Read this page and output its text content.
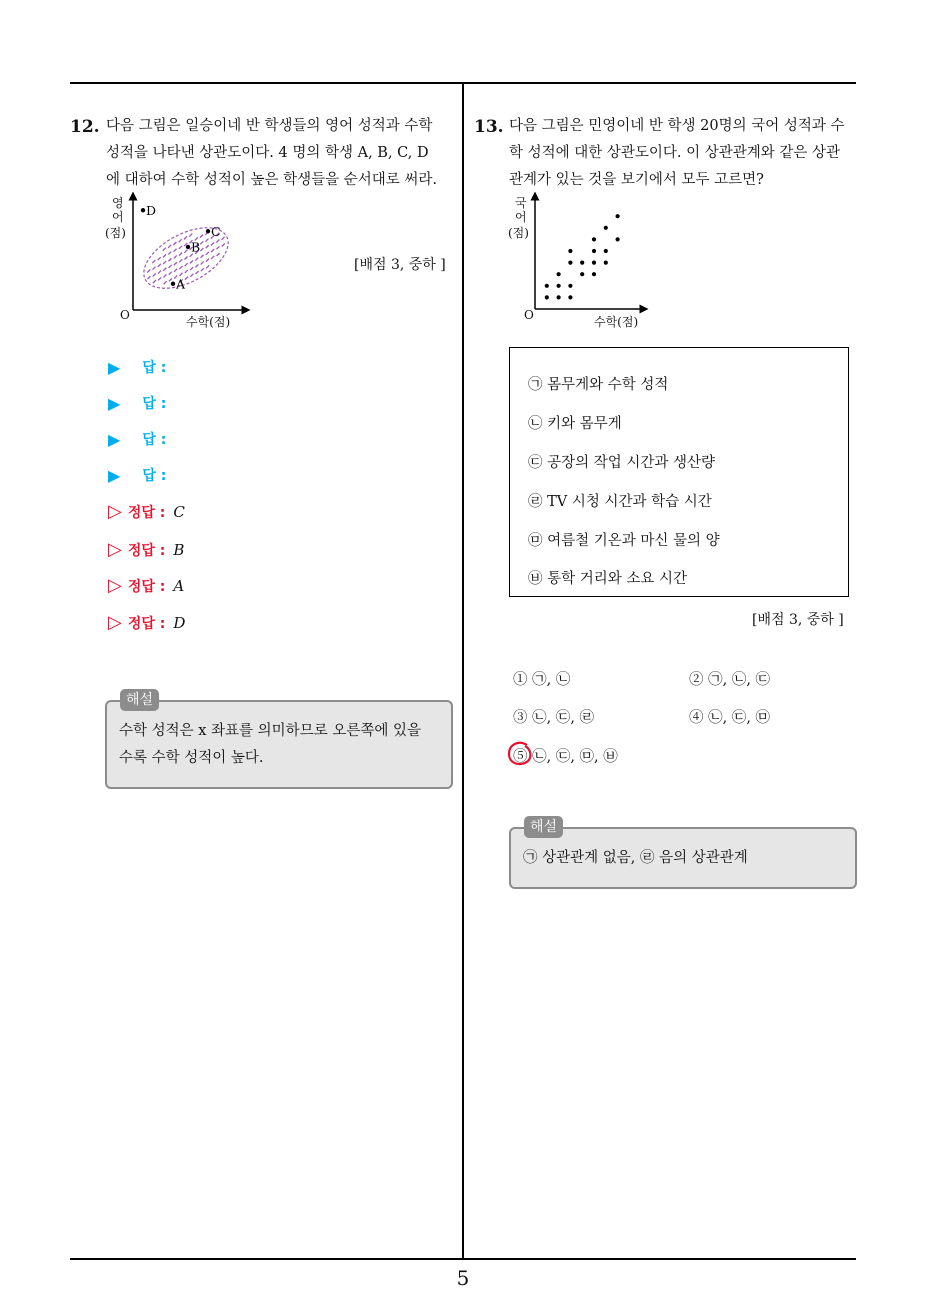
12. 다음 그림은 일승이네 반 학생들의 영어 성적과 수학
성적을 나타낸 상관도이다. 4 명의 학생 A, B, C, D
에 대하여 수학 성적이 높은 학생들을 순서대로 써라.
D
C
B
A
영
어
(점)
O	수학(점)
[배점 3, 중하 ]
▶ 답 :
▶ 답 :
▶ 답 :
▶ 답 :
▷ 정답 : C
▷ 정답 : B
▷ 정답 : A
▷ 정답 : D
수학 성적은 x 좌표를 의미하므로 오른쪽에 있을
수록 수학 성적이 높다.
해설
13. 다음 그림은 민영이네 반 학생 20명의 국어 성적과 수
학 성적에 대한 상관도이다. 이 상관관계와 같은 상관
관계가 있는 것을 보기에서 모두 고르면?
국
어
(점)
O	수학(점)
㉠ 몸무게와 수학 성적
㉡ 키와 몸무게
㉢ 공장의 작업 시간과 생산량
㉣ TV 시청 시간과 학습 시간
㉤ 여름철 기온과 마신 물의 양
㉥ 통학 거리와 소요 시간
[배점 3, 중하 ]
① ㉠, ㉡	② ㉠, ㉡, ㉢
③ ㉡, ㉢, ㉣	④ ㉡, ㉢, ㉤
⑤ ㉡, ㉢, ㉤, ㉥
㉠ 상관관계 없음, ㉣ 음의 상관관계
해설
5
